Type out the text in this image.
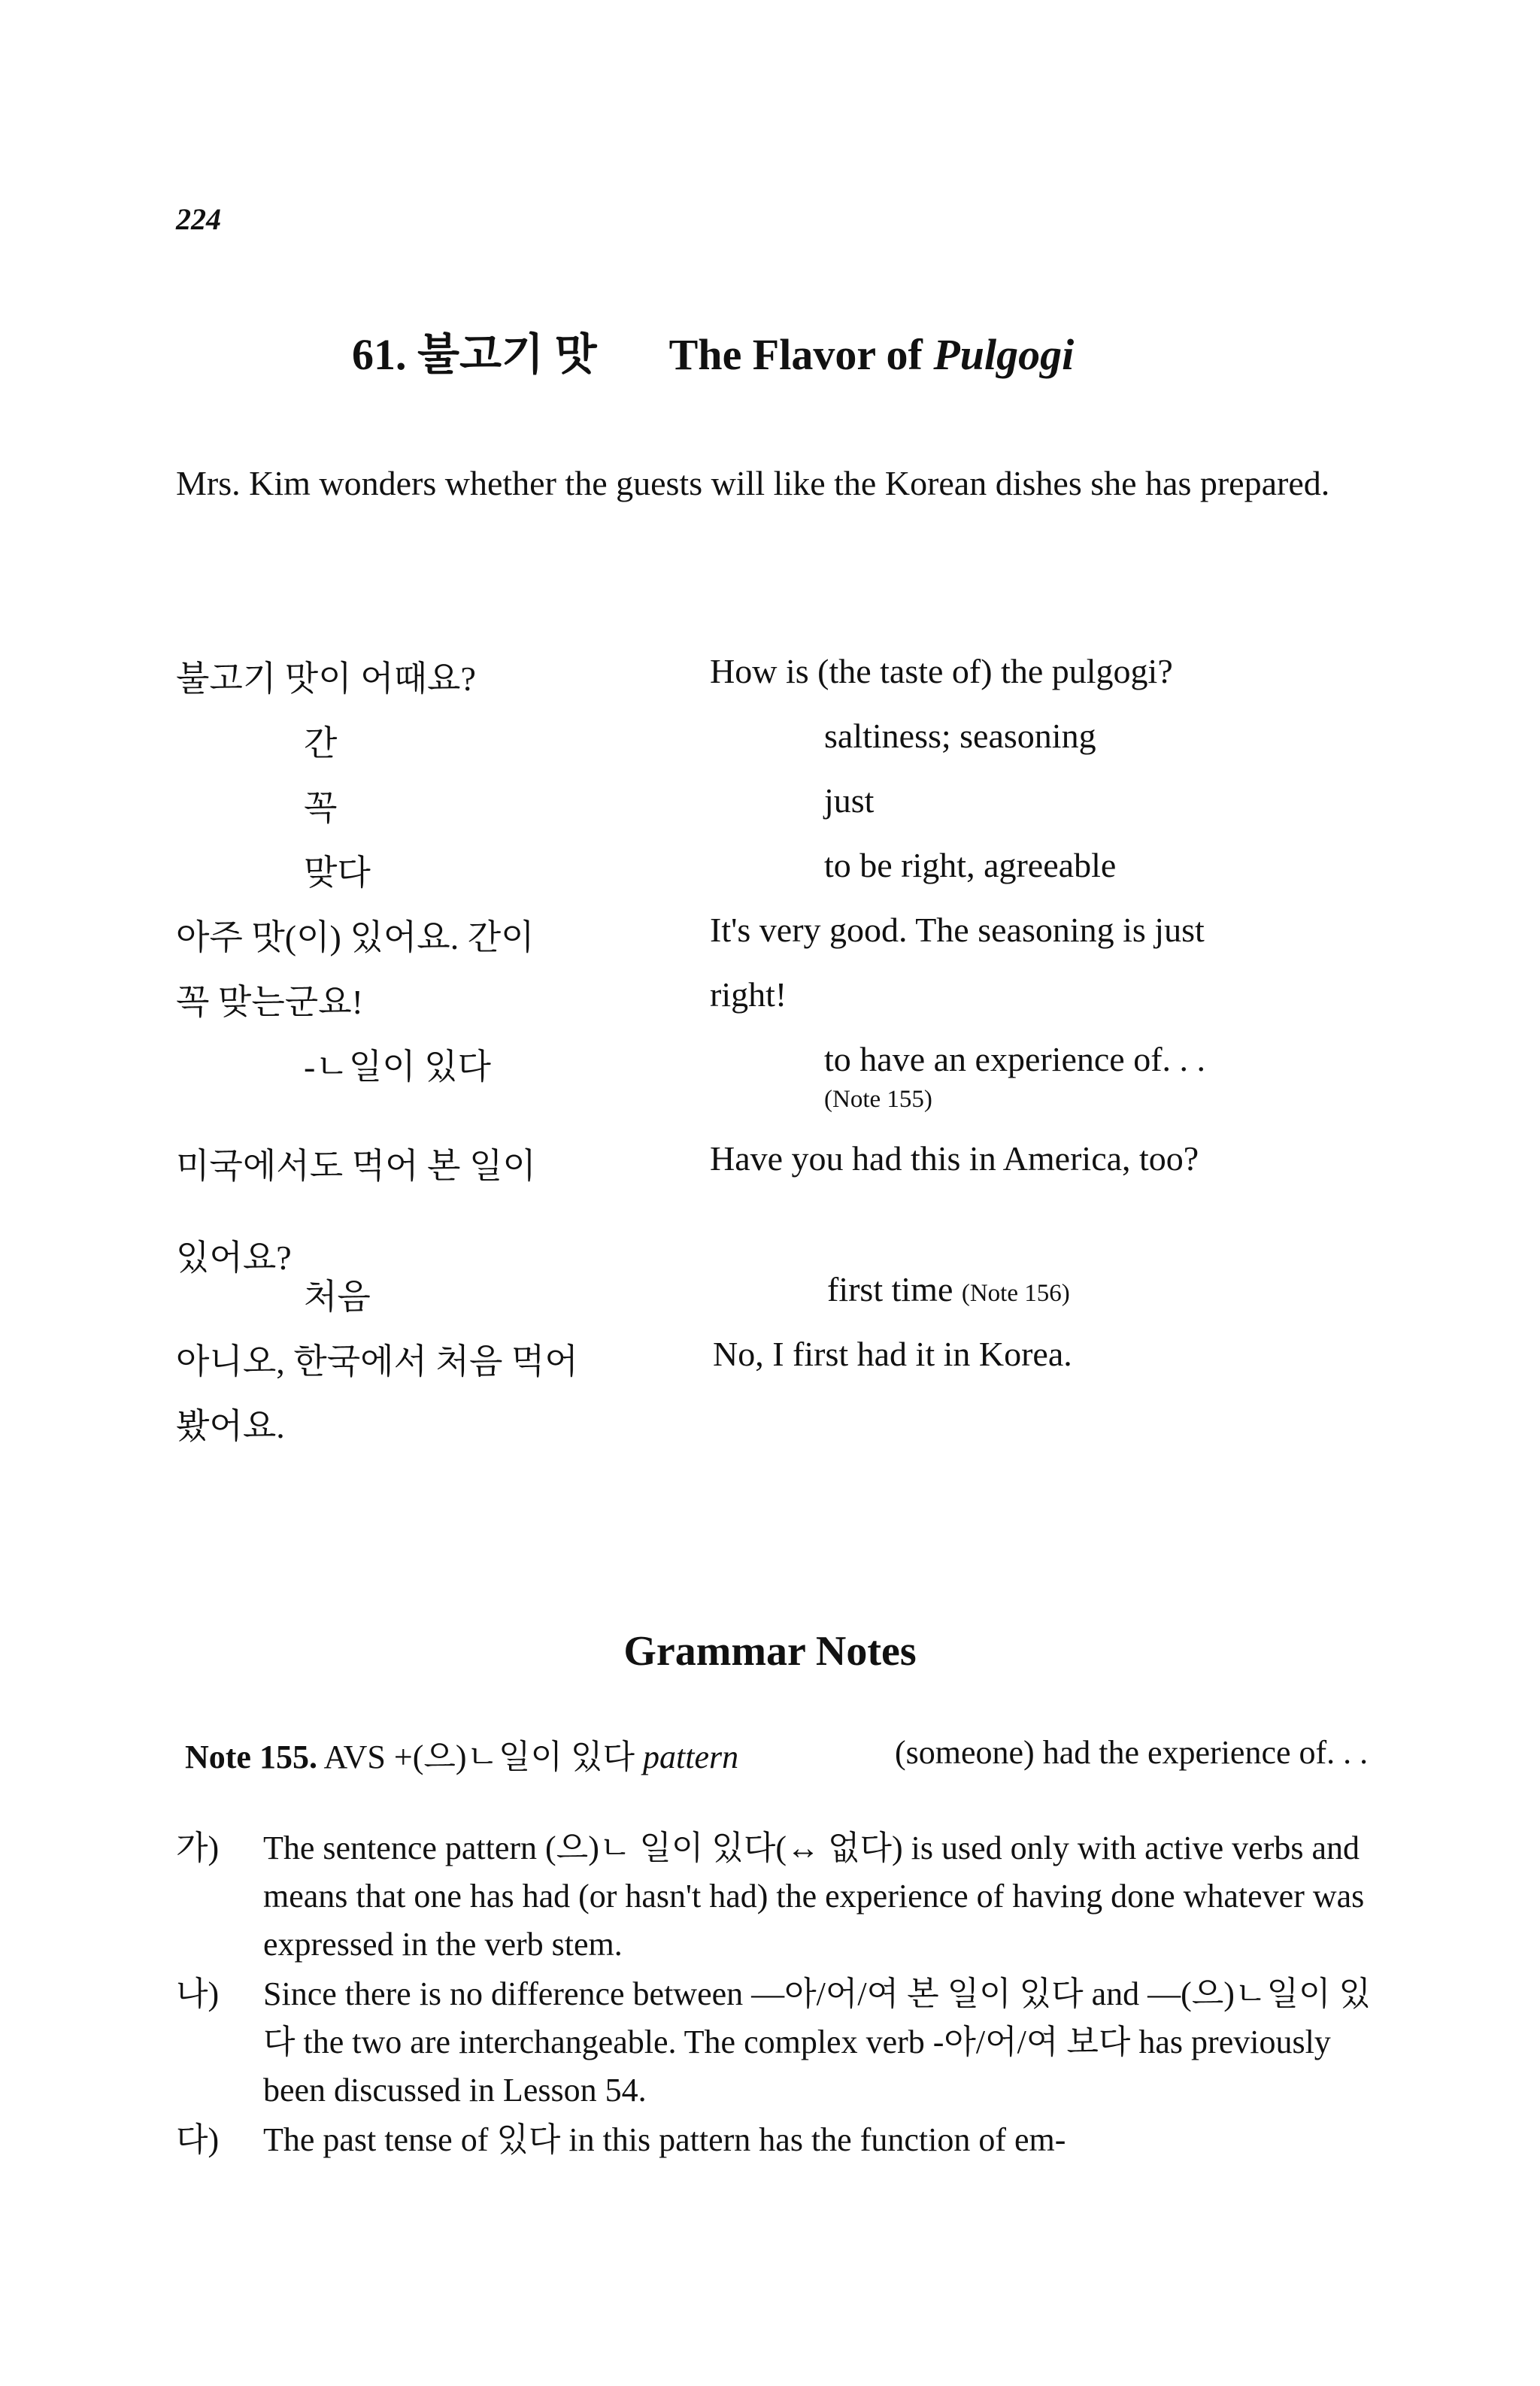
224
61. 불고기 맛 The Flavor of Pulgogi
Mrs. Kim wonders whether the guests will like the Korean dishes she has prepared.
불고기 맛이 어때요?
간
꼭
맞다
아주 맛(이) 있어요. 간이
꼭 맞는군요!
-ㄴ일이 있다
미국에서도 먹어 본 일이
있어요?
처음
아니오, 한국에서 처음 먹어
봤어요.
How is (the taste of) the pulgogi?
saltiness; seasoning
just
to be right, agreeable
It's very good. The seasoning is just
right!
to have an experience of. . .
(Note 155)
Have you had this in America, too?
first time (Note 156)
No, I first had it in Korea.
Grammar Notes
Note 155. AVS +(으)ㄴ일이 있다 pattern	(someone) had the experience of. . .
가) The sentence pattern (으)ㄴ 일이 있다(↔ 없다) is used only with active verbs and means that one has had (or hasn't had) the experience of having done whatever was expressed in the verb stem.
나) Since there is no difference between —아/어/여 본 일이 있다 and —(으)ㄴ일이 있다 the two are interchangeable. The complex verb -아/어/여 보다 has previously been discussed in Lesson 54.
다) The past tense of 있다 in this pattern has the function of em-
